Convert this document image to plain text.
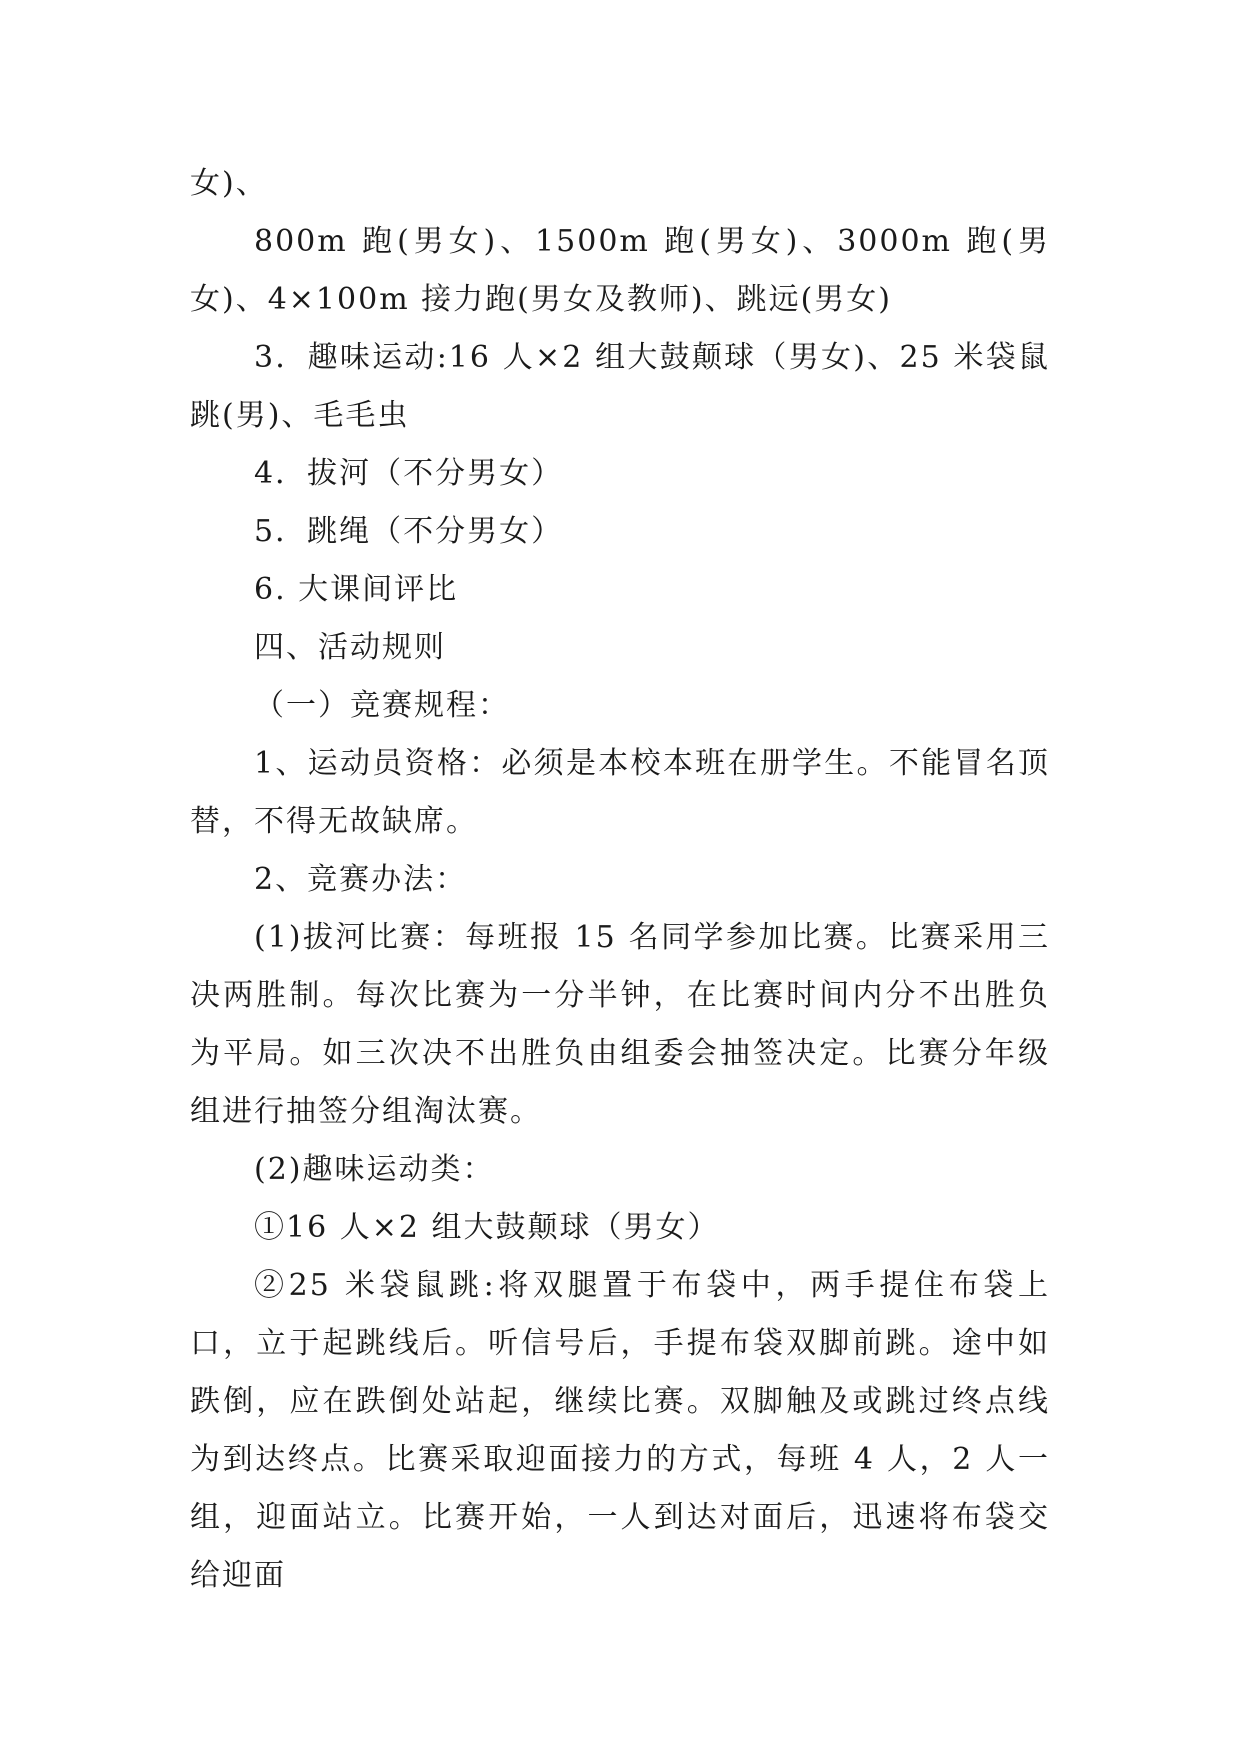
女)、

800m 跑(男女)、1500m 跑(男女)、3000m 跑(男女)、4×100m 接力跑(男女及教师)、跳远(男女)

3．趣味运动:16 人×2 组大鼓颠球（男女)、25 米袋鼠跳(男)、毛毛虫

4．拔河（不分男女）

5．跳绳（不分男女）

6. 大课间评比

四、活动规则

（一）竞赛规程：

1、运动员资格：必须是本校本班在册学生。不能冒名顶替，不得无故缺席。

2、竞赛办法：

(1)拔河比赛：每班报 15 名同学参加比赛。比赛采用三决两胜制。每次比赛为一分半钟，在比赛时间内分不出胜负为平局。如三次决不出胜负由组委会抽签决定。比赛分年级组进行抽签分组淘汰赛。

(2)趣味运动类：

①16 人×2 组大鼓颠球（男女）

②25 米袋鼠跳:将双腿置于布袋中，两手提住布袋上口，立于起跳线后。听信号后，手提布袋双脚前跳。途中如跌倒，应在跌倒处站起，继续比赛。双脚触及或跳过终点线为到达终点。比赛采取迎面接力的方式，每班 4 人，2 人一组，迎面站立。比赛开始，一人到达对面后，迅速将布袋交给迎面
